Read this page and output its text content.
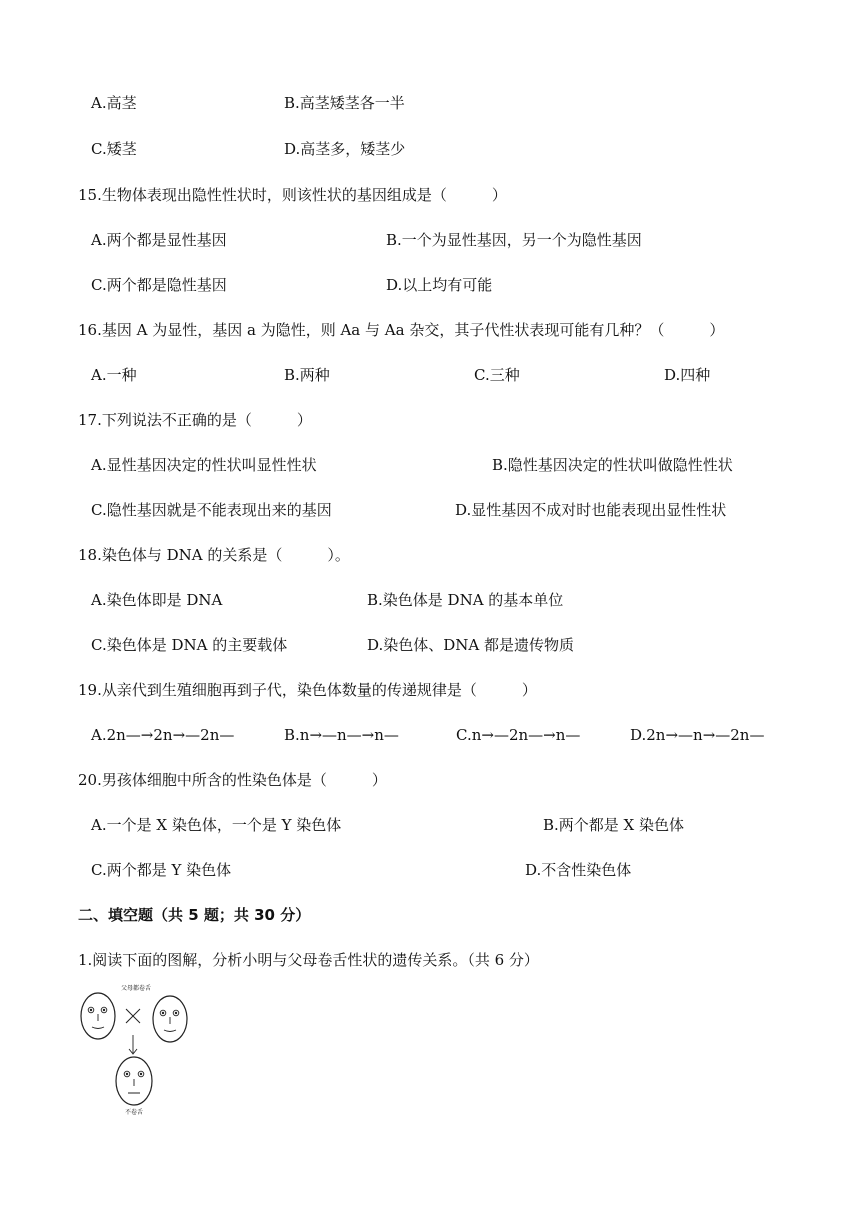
A.高茎	B.高茎矮茎各一半
C.矮茎	D.高茎多，矮茎少
15.生物体表现出隐性性状时，则该性状的基因组成是（　　　）
A.两个都是显性基因	B.一个为显性基因，另一个为隐性基因
C.两个都是隐性基因	D.以上均有可能
16.基因 A 为显性，基因 a 为隐性，则 Aa 与 Aa 杂交，其子代性状表现可能有几种？（　　　）
A.一种	B.两种	C.三种	D.四种
17.下列说法不正确的是（　　　）
A.显性基因决定的性状叫显性性状	B.隐性基因决定的性状叫做隐性性状
C.隐性基因就是不能表现出来的基因	D.显性基因不成对时也能表现出显性性状
18.染色体与 DNA 的关系是（　　　）。
A.染色体即是 DNA	B.染色体是 DNA 的基本单位
C.染色体是 DNA 的主要载体	D.染色体、DNA 都是遗传物质
19.从亲代到生殖细胞再到子代，染色体数量的传递规律是（　　　）
A.2n—→2n→—2n—	B.n→—n—→n—	C.n→—2n—→n—	D.2n→—n→—2n—
20.男孩体细胞中所含的性染色体是（　　　）
A.一个是 X 染色体，一个是 Y 染色体	B.两个都是 X 染色体
C.两个都是 Y 染色体	D.不含性染色体
二、填空题（共 5 题；共 30 分）
1.阅读下面的图解，分析小明与父母卷舌性状的遗传关系。（共 6 分）
父母都卷舌
不卷舌
